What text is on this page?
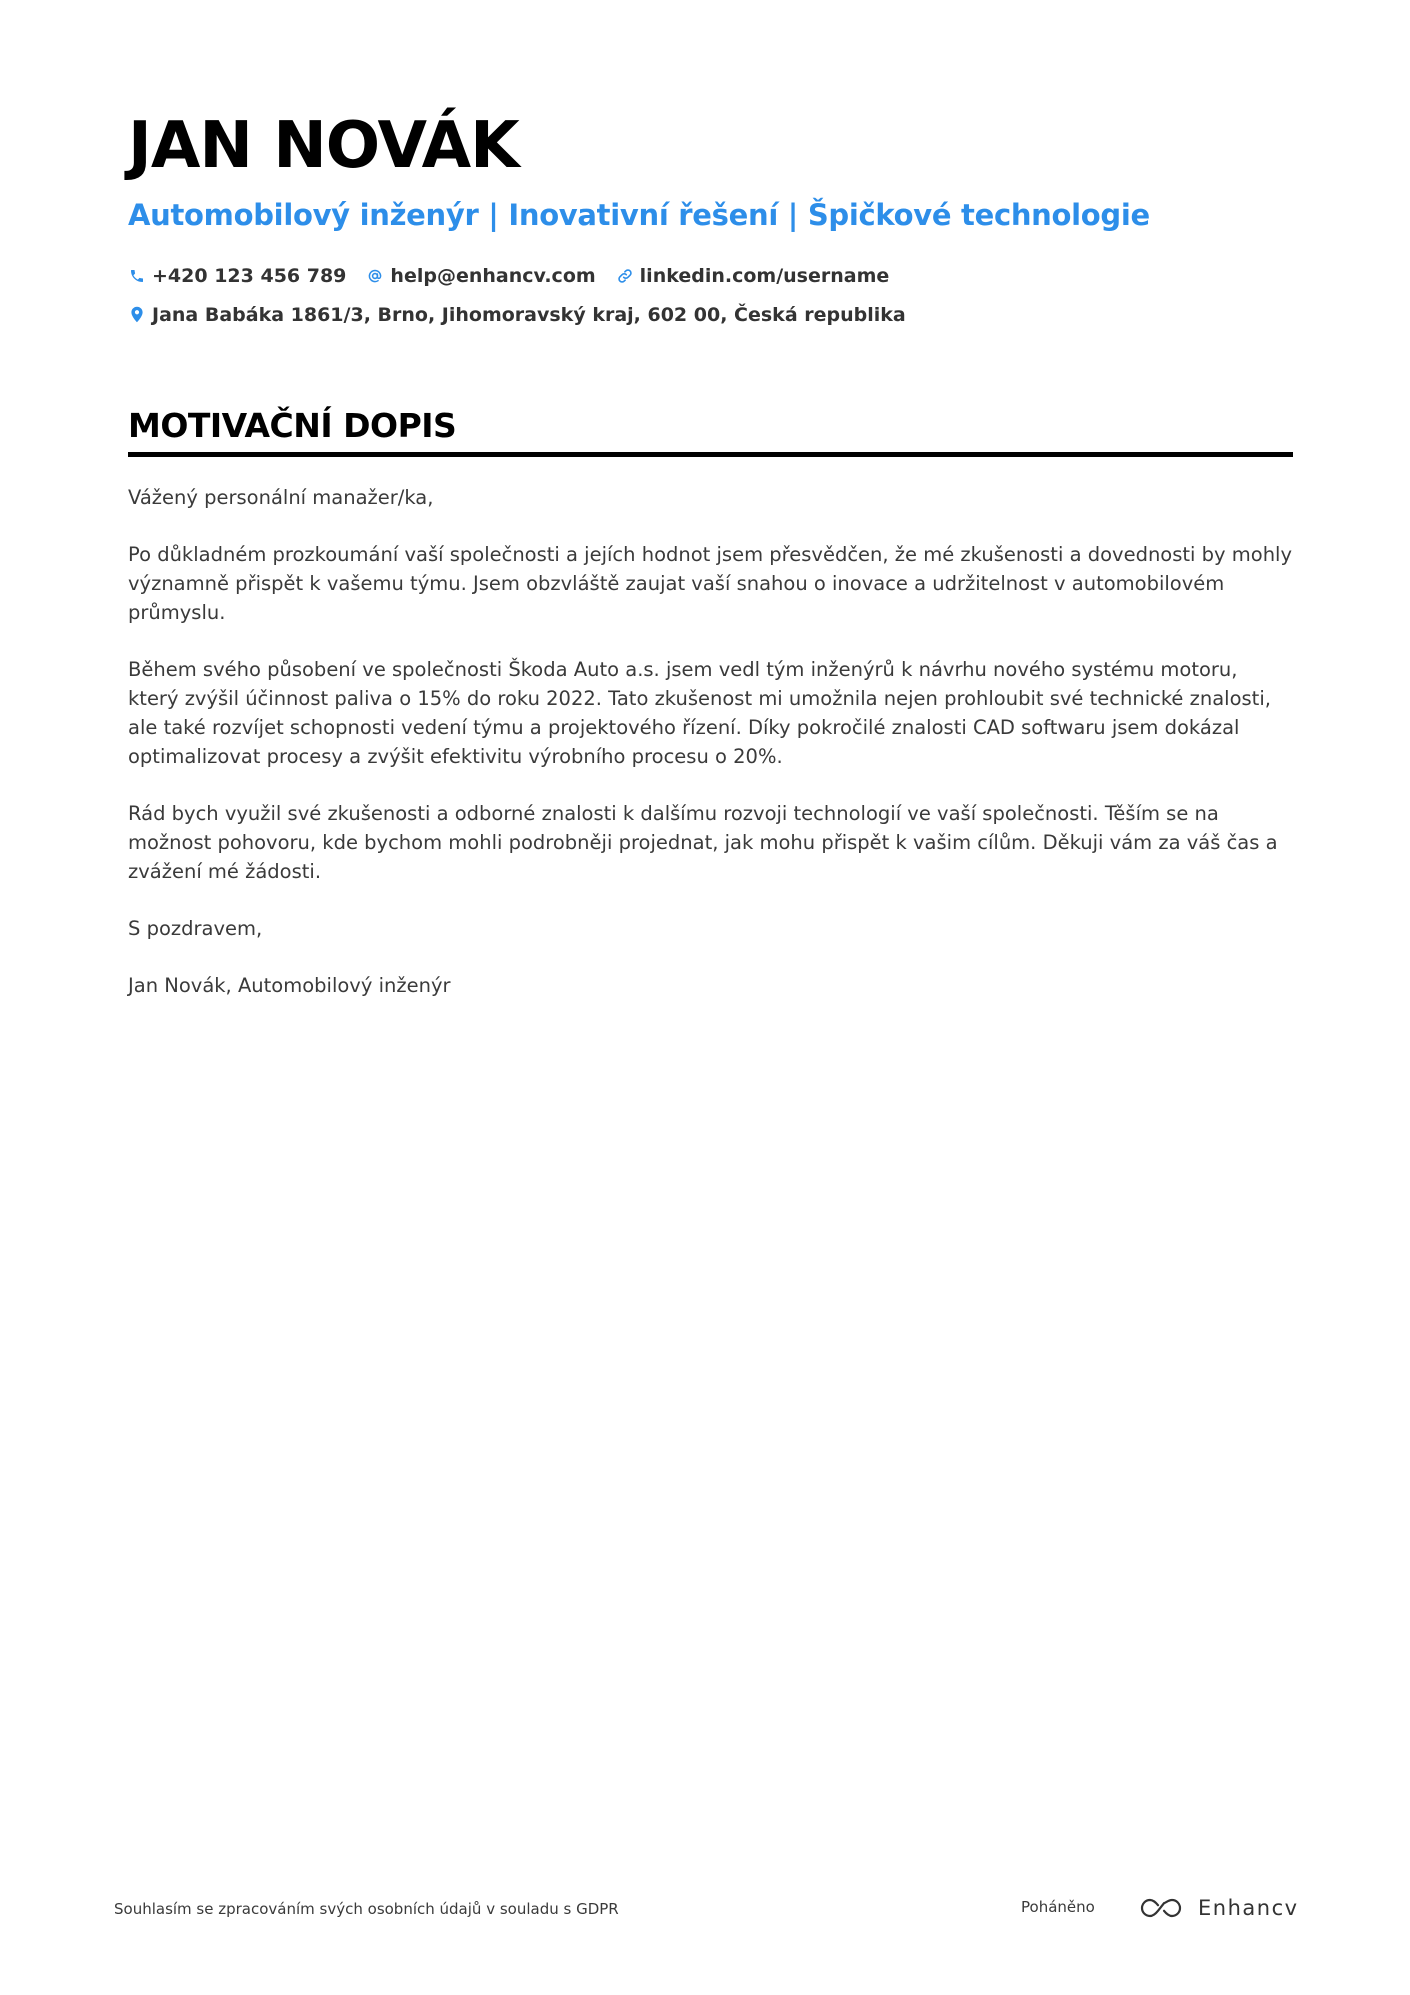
JAN NOVÁK
Automobilový inženýr | Inovativní řešení | Špičkové technologie
+420 123 456 789 help@enhancv.com linkedin.com/username
Jana Babáka 1861/3, Brno, Jihomoravský kraj, 602 00, Česká republika
MOTIVAČNÍ DOPIS

Vážený personální manažer/ka,

Po důkladném prozkoumání vaší společnosti a jejích hodnot jsem přesvědčen, že mé zkušenosti a dovednosti by mohly významně přispět k vašemu týmu. Jsem obzvláště zaujat vaší snahou o inovace a udržitelnost v automobilovém průmyslu.

Během svého působení ve společnosti Škoda Auto a.s. jsem vedl tým inženýrů k návrhu nového systému motoru, který zvýšil účinnost paliva o 15% do roku 2022. Tato zkušenost mi umožnila nejen prohloubit své technické znalosti, ale také rozvíjet schopnosti vedení týmu a projektového řízení. Díky pokročilé znalosti CAD softwaru jsem dokázal optimalizovat procesy a zvýšit efektivitu výrobního procesu o 20%.

Rád bych využil své zkušenosti a odborné znalosti k dalšímu rozvoji technologií ve vaší společnosti. Těším se na možnost pohovoru, kde bychom mohli podrobněji projednat, jak mohu přispět k vašim cílům. Děkuji vám za váš čas a zvážení mé žádosti.

S pozdravem,

Jan Novák, Automobilový inženýr

Souhlasím se zpracováním svých osobních údajů v souladu s GDPR	Poháněno	Enhancv
